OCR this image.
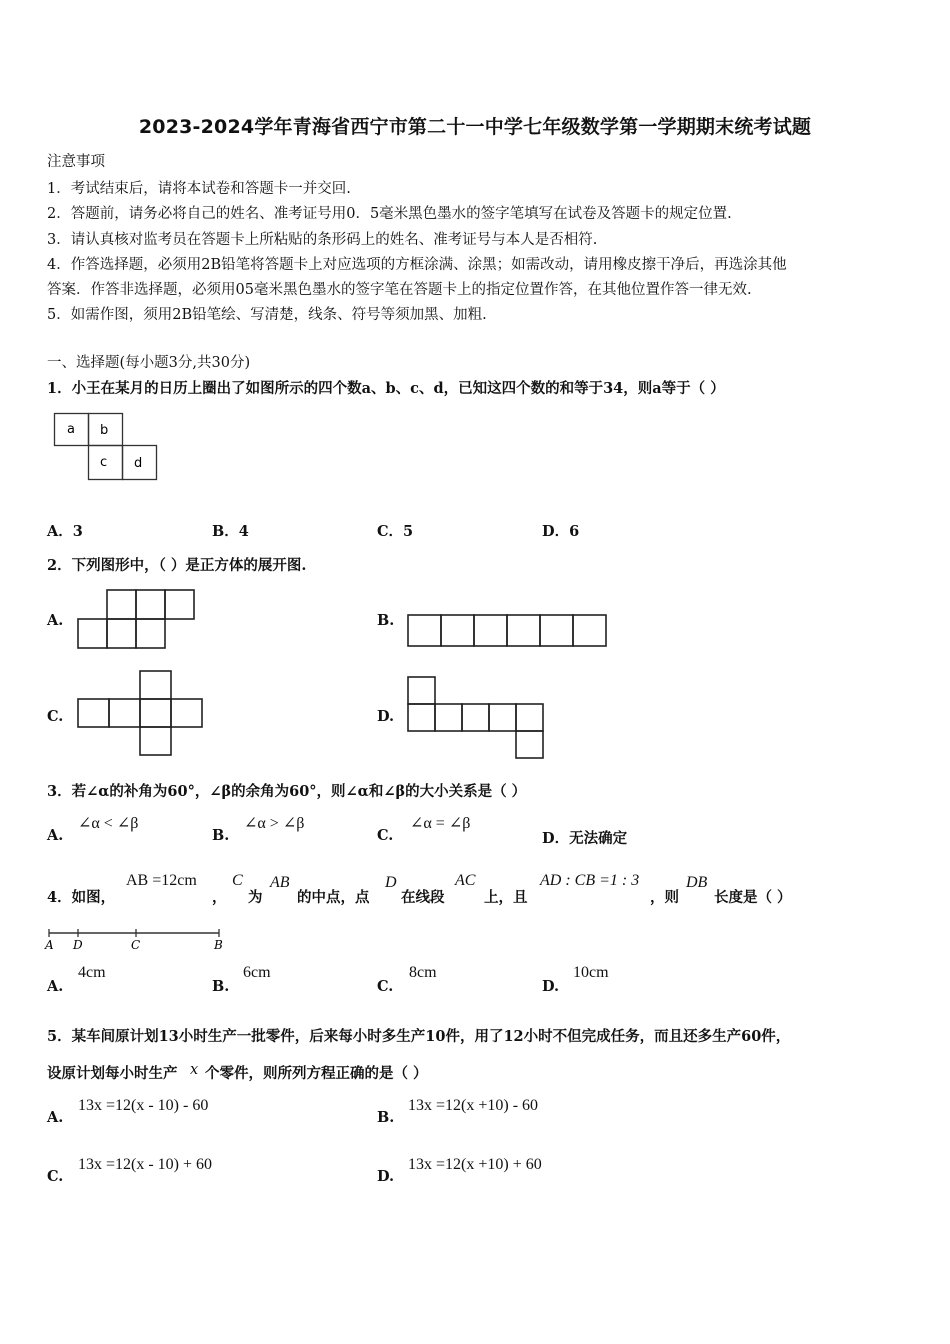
2023-2024学年青海省西宁市第二十一中学七年级数学第一学期期末统考试题
注意事项
1．考试结束后，请将本试卷和答题卡一并交回.
2．答题前，请务必将自己的姓名、准考证号用0．5毫米黑色墨水的签字笔填写在试卷及答题卡的规定位置.
3．请认真核对监考员在答题卡上所粘贴的条形码上的姓名、准考证号与本人是否相符.
4．作答选择题，必须用2B铅笔将答题卡上对应选项的方框涂满、涂黑；如需改动，请用橡皮擦干净后，再选涂其他
答案．作答非选择题，必须用05毫米黑色墨水的签字笔在答题卡上的指定位置作答，在其他位置作答一律无效.
5．如需作图，须用2B铅笔绘、写清楚，线条、符号等须加黑、加粗.
一、选择题(每小题3分,共30分)
1．小王在某月的日历上圈出了如图所示的四个数a、b、c、d，已知这四个数的和等于34，则a等于（ ）
a b
c d
A．3	B．4	C．5	D．6
2．下列图形中，（ ）是正方体的展开图.
A.	B.
C.	D.
3．若∠α的补角为60°，∠β的余角为60°，则∠α和∠β的大小关系是（ ）
A.
∠α < ∠β
B.
∠α > ∠β
C.
∠α = ∠β
D．无法确定
4．如图，
AB =12cm
，
C
为
AB
的中点，点
D
在线段
AC
上，且
AD : CB =1 : 3
，则
DB
长度是（ ）
A D	C	B
A.
4cm
B.
6cm
C.
8cm
D.
10cm
5．某车间原计划13小时生产一批零件，后来每小时多生产10件，用了12小时不但完成任务，而且还多生产60件，
设原计划每小时生产 x 个零件，则所列方程正确的是（ ）
A.
13x =12(x - 10) - 60
B.
13x =12(x +10) - 60
C.
13x =12(x - 10) + 60
D.
13x =12(x +10) + 60
